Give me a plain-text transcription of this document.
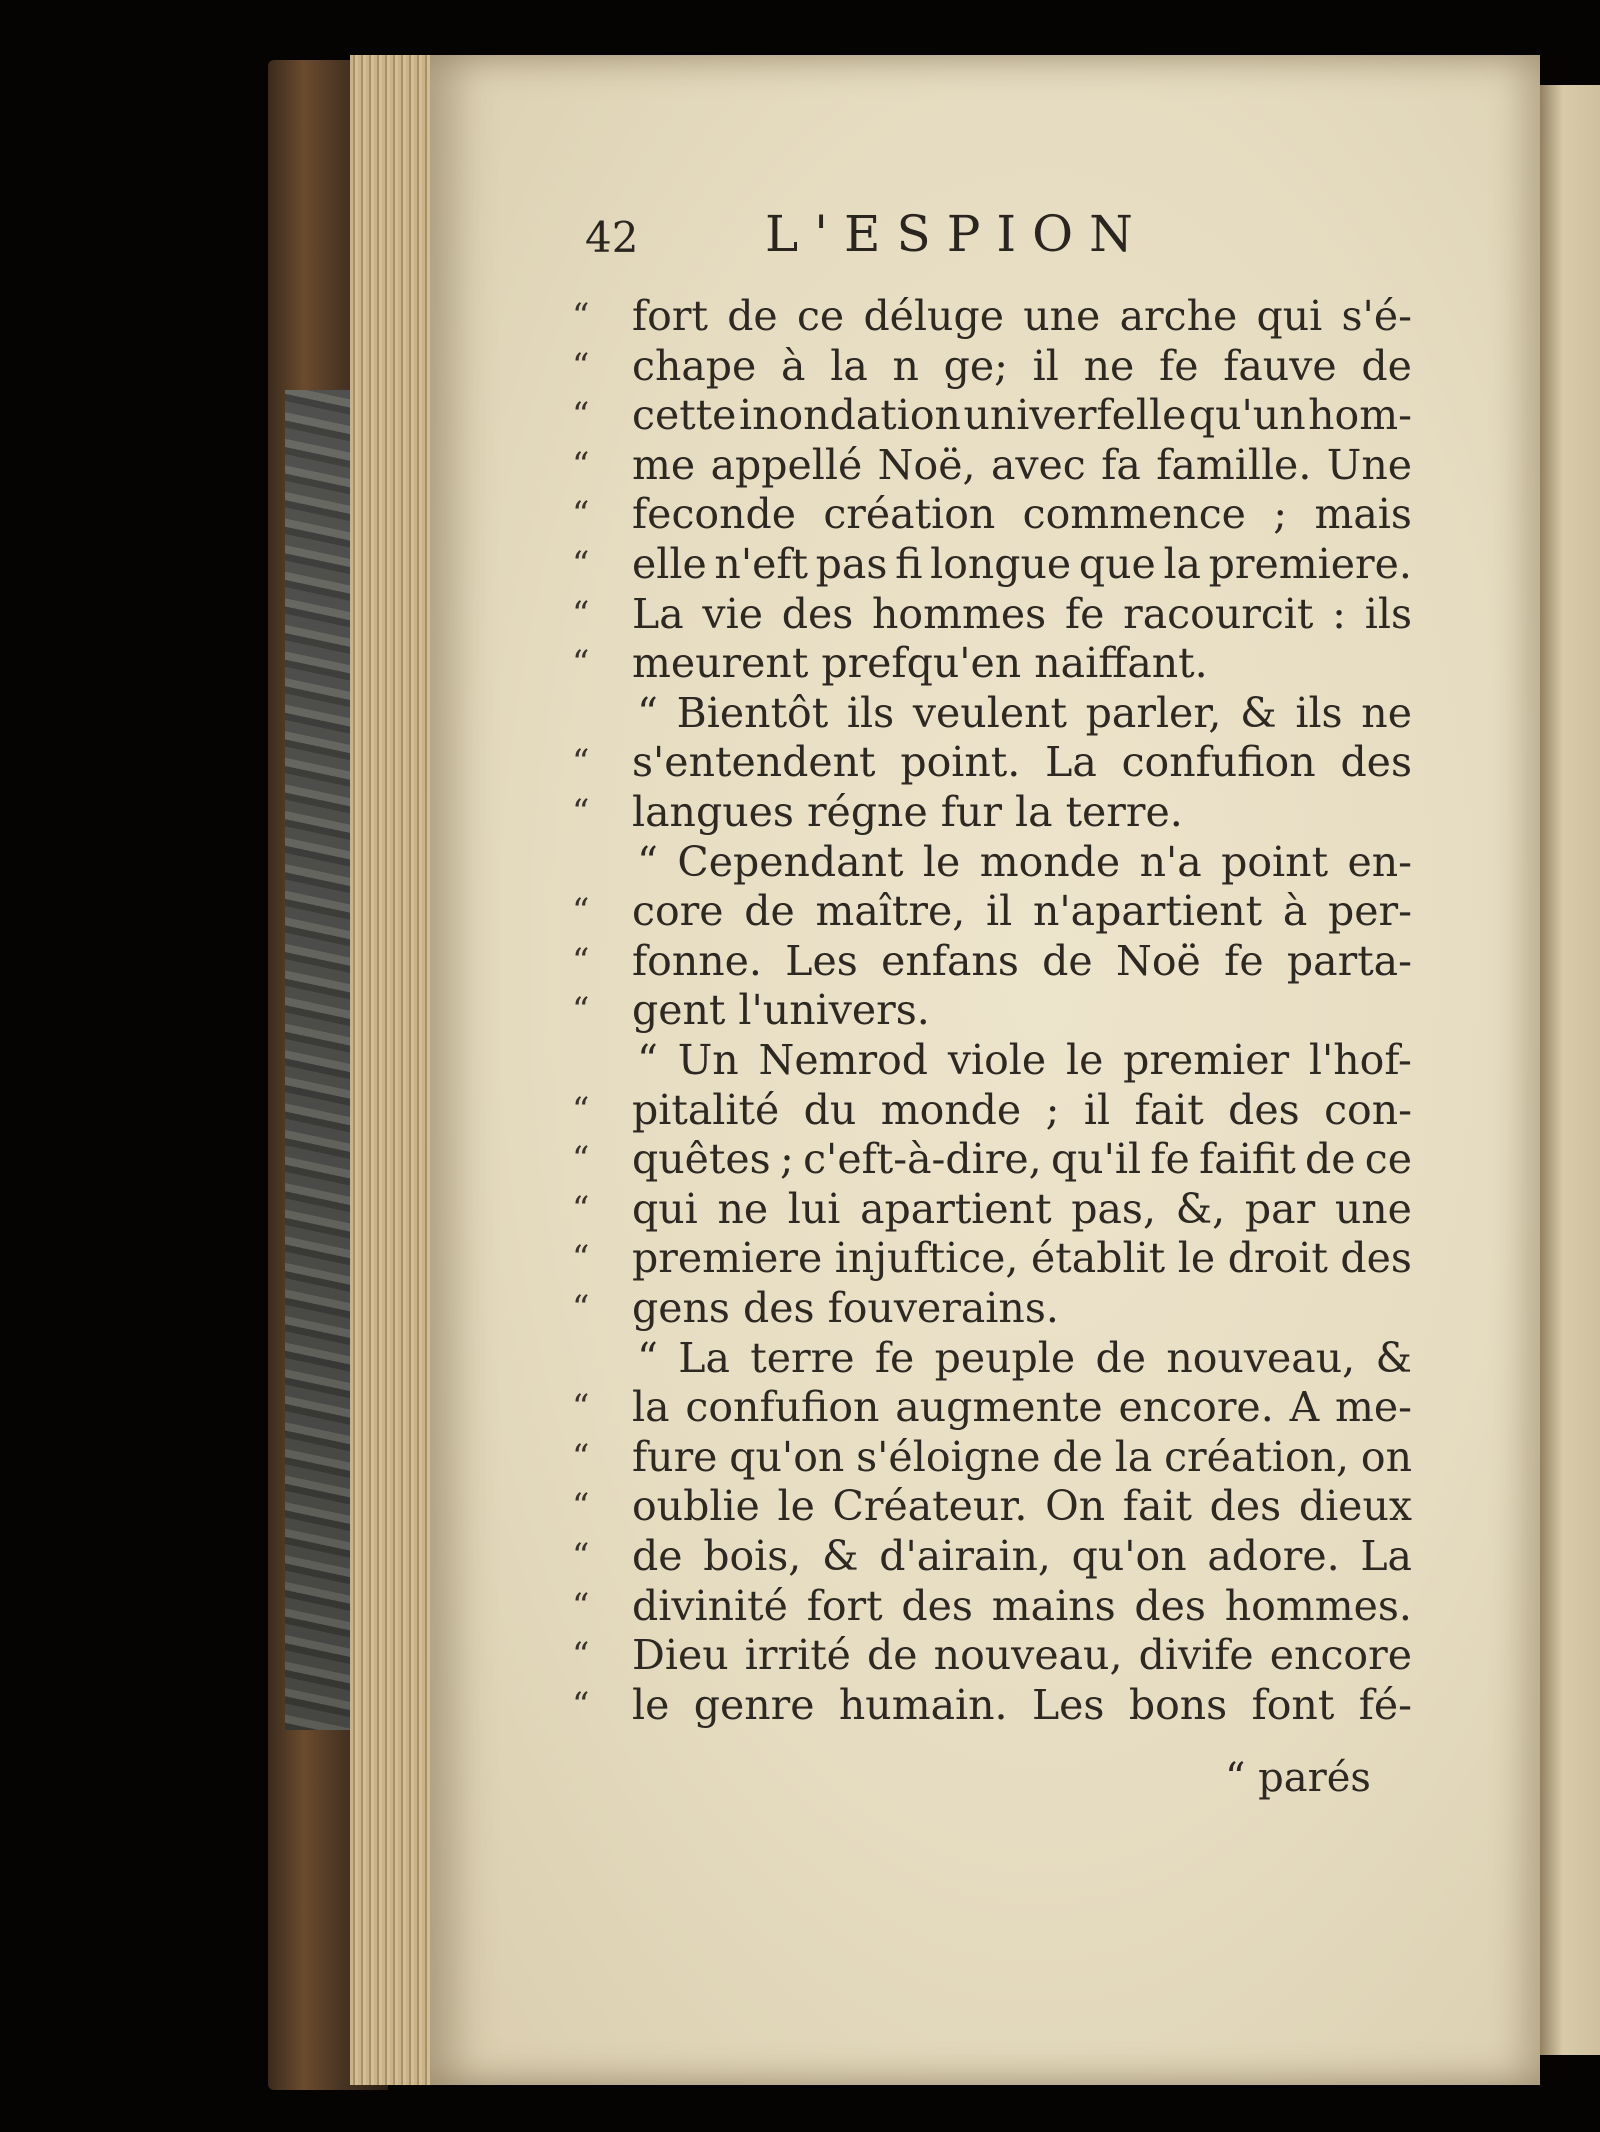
42	L'ESPION
“	fort de ce déluge une arche qui s'é-
“	chape à la n ge; il ne fe fauve de
“	cette inondation univerfelle qu'un hom-
“	me appellé Noë, avec fa famille. Une
“	feconde création commence ; mais
“	elle n'eft pas fi longue que la premiere.
“	La vie des hommes fe racourcit : ils
“	meurent prefqu'en naiffant.
“ Bientôt ils veulent parler, & ils ne
“	s'entendent point. La confufion des
“	langues régne fur la terre.
“ Cependant le monde n'a point en-
“	core de maître, il n'apartient à per-
“	fonne. Les enfans de Noë fe parta-
“	gent l'univers.
“ Un Nemrod viole le premier l'hof-
“	pitalité du monde ; il fait des con-
“	quêtes ; c'eft-à-dire, qu'il fe faifit de ce
“	qui ne lui apartient pas, &, par une
“	premiere injuftice, établit le droit des
“	gens des fouverains.
“ La terre fe peuple de nouveau, &
“	la confufion augmente encore. A me-
“	fure qu'on s'éloigne de la création, on
“	oublie le Créateur. On fait des dieux
“	de bois, & d'airain, qu'on adore. La
“	divinité fort des mains des hommes.
“	Dieu irrité de nouveau, divife encore
“	le genre humain. Les bons font fé-
“ parés
